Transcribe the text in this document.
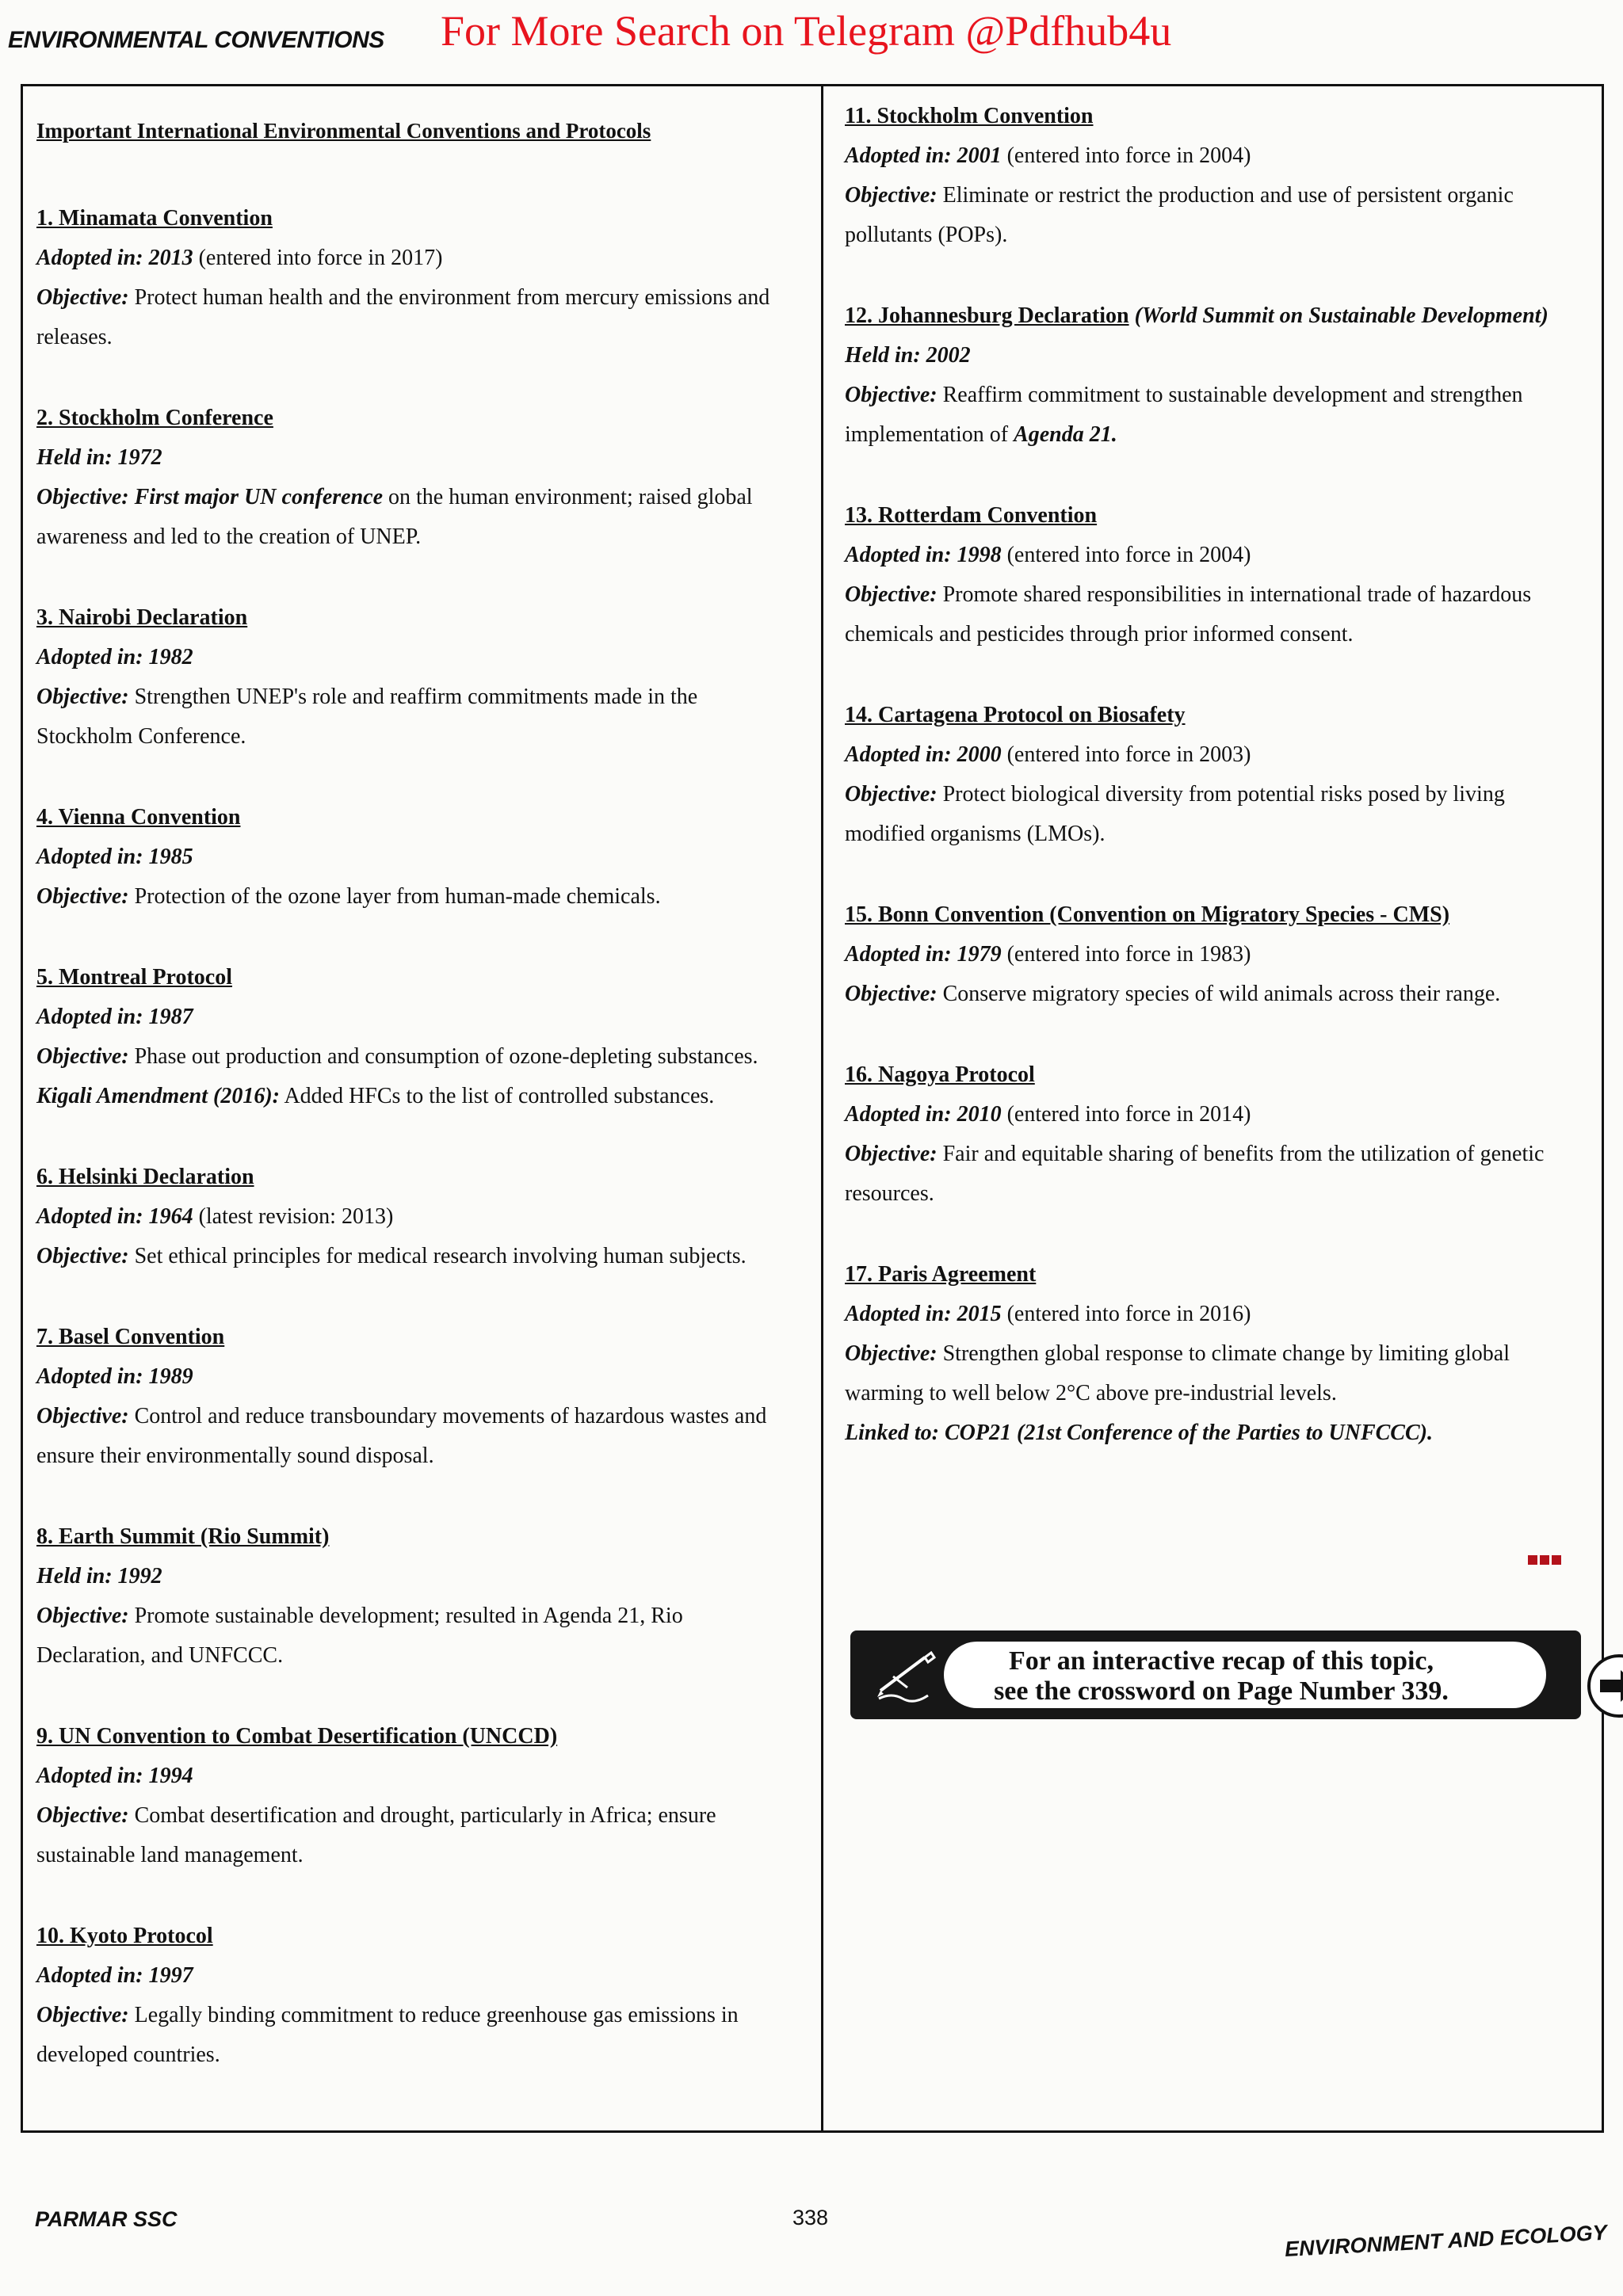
ENVIRONMENTAL CONVENTIONS For More Search on Telegram @Pdfhub4u
Important International Environmental Conventions and Protocols
1. Minamata Convention
Adopted in: 2013 (entered into force in 2017)
Objective: Protect human health and the environment from mercury emissions and releases.
2. Stockholm Conference
Held in: 1972
Objective: First major UN conference on the human environment; raised global awareness and led to the creation of UNEP.
3. Nairobi Declaration
Adopted in: 1982
Objective: Strengthen UNEP's role and reaffirm commitments made in the Stockholm Conference.
4. Vienna Convention
Adopted in: 1985
Objective: Protection of the ozone layer from human-made chemicals.
5. Montreal Protocol
Adopted in: 1987
Objective: Phase out production and consumption of ozone-depleting substances.
Kigali Amendment (2016): Added HFCs to the list of controlled substances.
6. Helsinki Declaration
Adopted in: 1964 (latest revision: 2013)
Objective: Set ethical principles for medical research involving human subjects.
7. Basel Convention
Adopted in: 1989
Objective: Control and reduce transboundary movements of hazardous wastes and ensure their environmentally sound disposal.
8. Earth Summit (Rio Summit)
Held in: 1992
Objective: Promote sustainable development; resulted in Agenda 21, Rio Declaration, and UNFCCC.
9. UN Convention to Combat Desertification (UNCCD)
Adopted in: 1994
Objective: Combat desertification and drought, particularly in Africa; ensure sustainable land management.
10. Kyoto Protocol
Adopted in: 1997
Objective: Legally binding commitment to reduce greenhouse gas emissions in developed countries.
11. Stockholm Convention
Adopted in: 2001 (entered into force in 2004)
Objective: Eliminate or restrict the production and use of persistent organic pollutants (POPs).
12. Johannesburg Declaration (World Summit on Sustainable Development)
Held in: 2002
Objective: Reaffirm commitment to sustainable development and strengthen implementation of Agenda 21.
13. Rotterdam Convention
Adopted in: 1998 (entered into force in 2004)
Objective: Promote shared responsibilities in international trade of hazardous chemicals and pesticides through prior informed consent.
14. Cartagena Protocol on Biosafety
Adopted in: 2000 (entered into force in 2003)
Objective: Protect biological diversity from potential risks posed by living modified organisms (LMOs).
15. Bonn Convention (Convention on Migratory Species - CMS)
Adopted in: 1979 (entered into force in 1983)
Objective: Conserve migratory species of wild animals across their range.
16. Nagoya Protocol
Adopted in: 2010 (entered into force in 2014)
Objective: Fair and equitable sharing of benefits from the utilization of genetic resources.
17. Paris Agreement
Adopted in: 2015 (entered into force in 2016)
Objective: Strengthen global response to climate change by limiting global warming to well below 2°C above pre-industrial levels.
Linked to: COP21 (21st Conference of the Parties to UNFCCC).
For an interactive recap of this topic,
see the crossword on Page Number 339.
PARMAR SSC	338
ENVIRONMENT AND ECOLOGY
